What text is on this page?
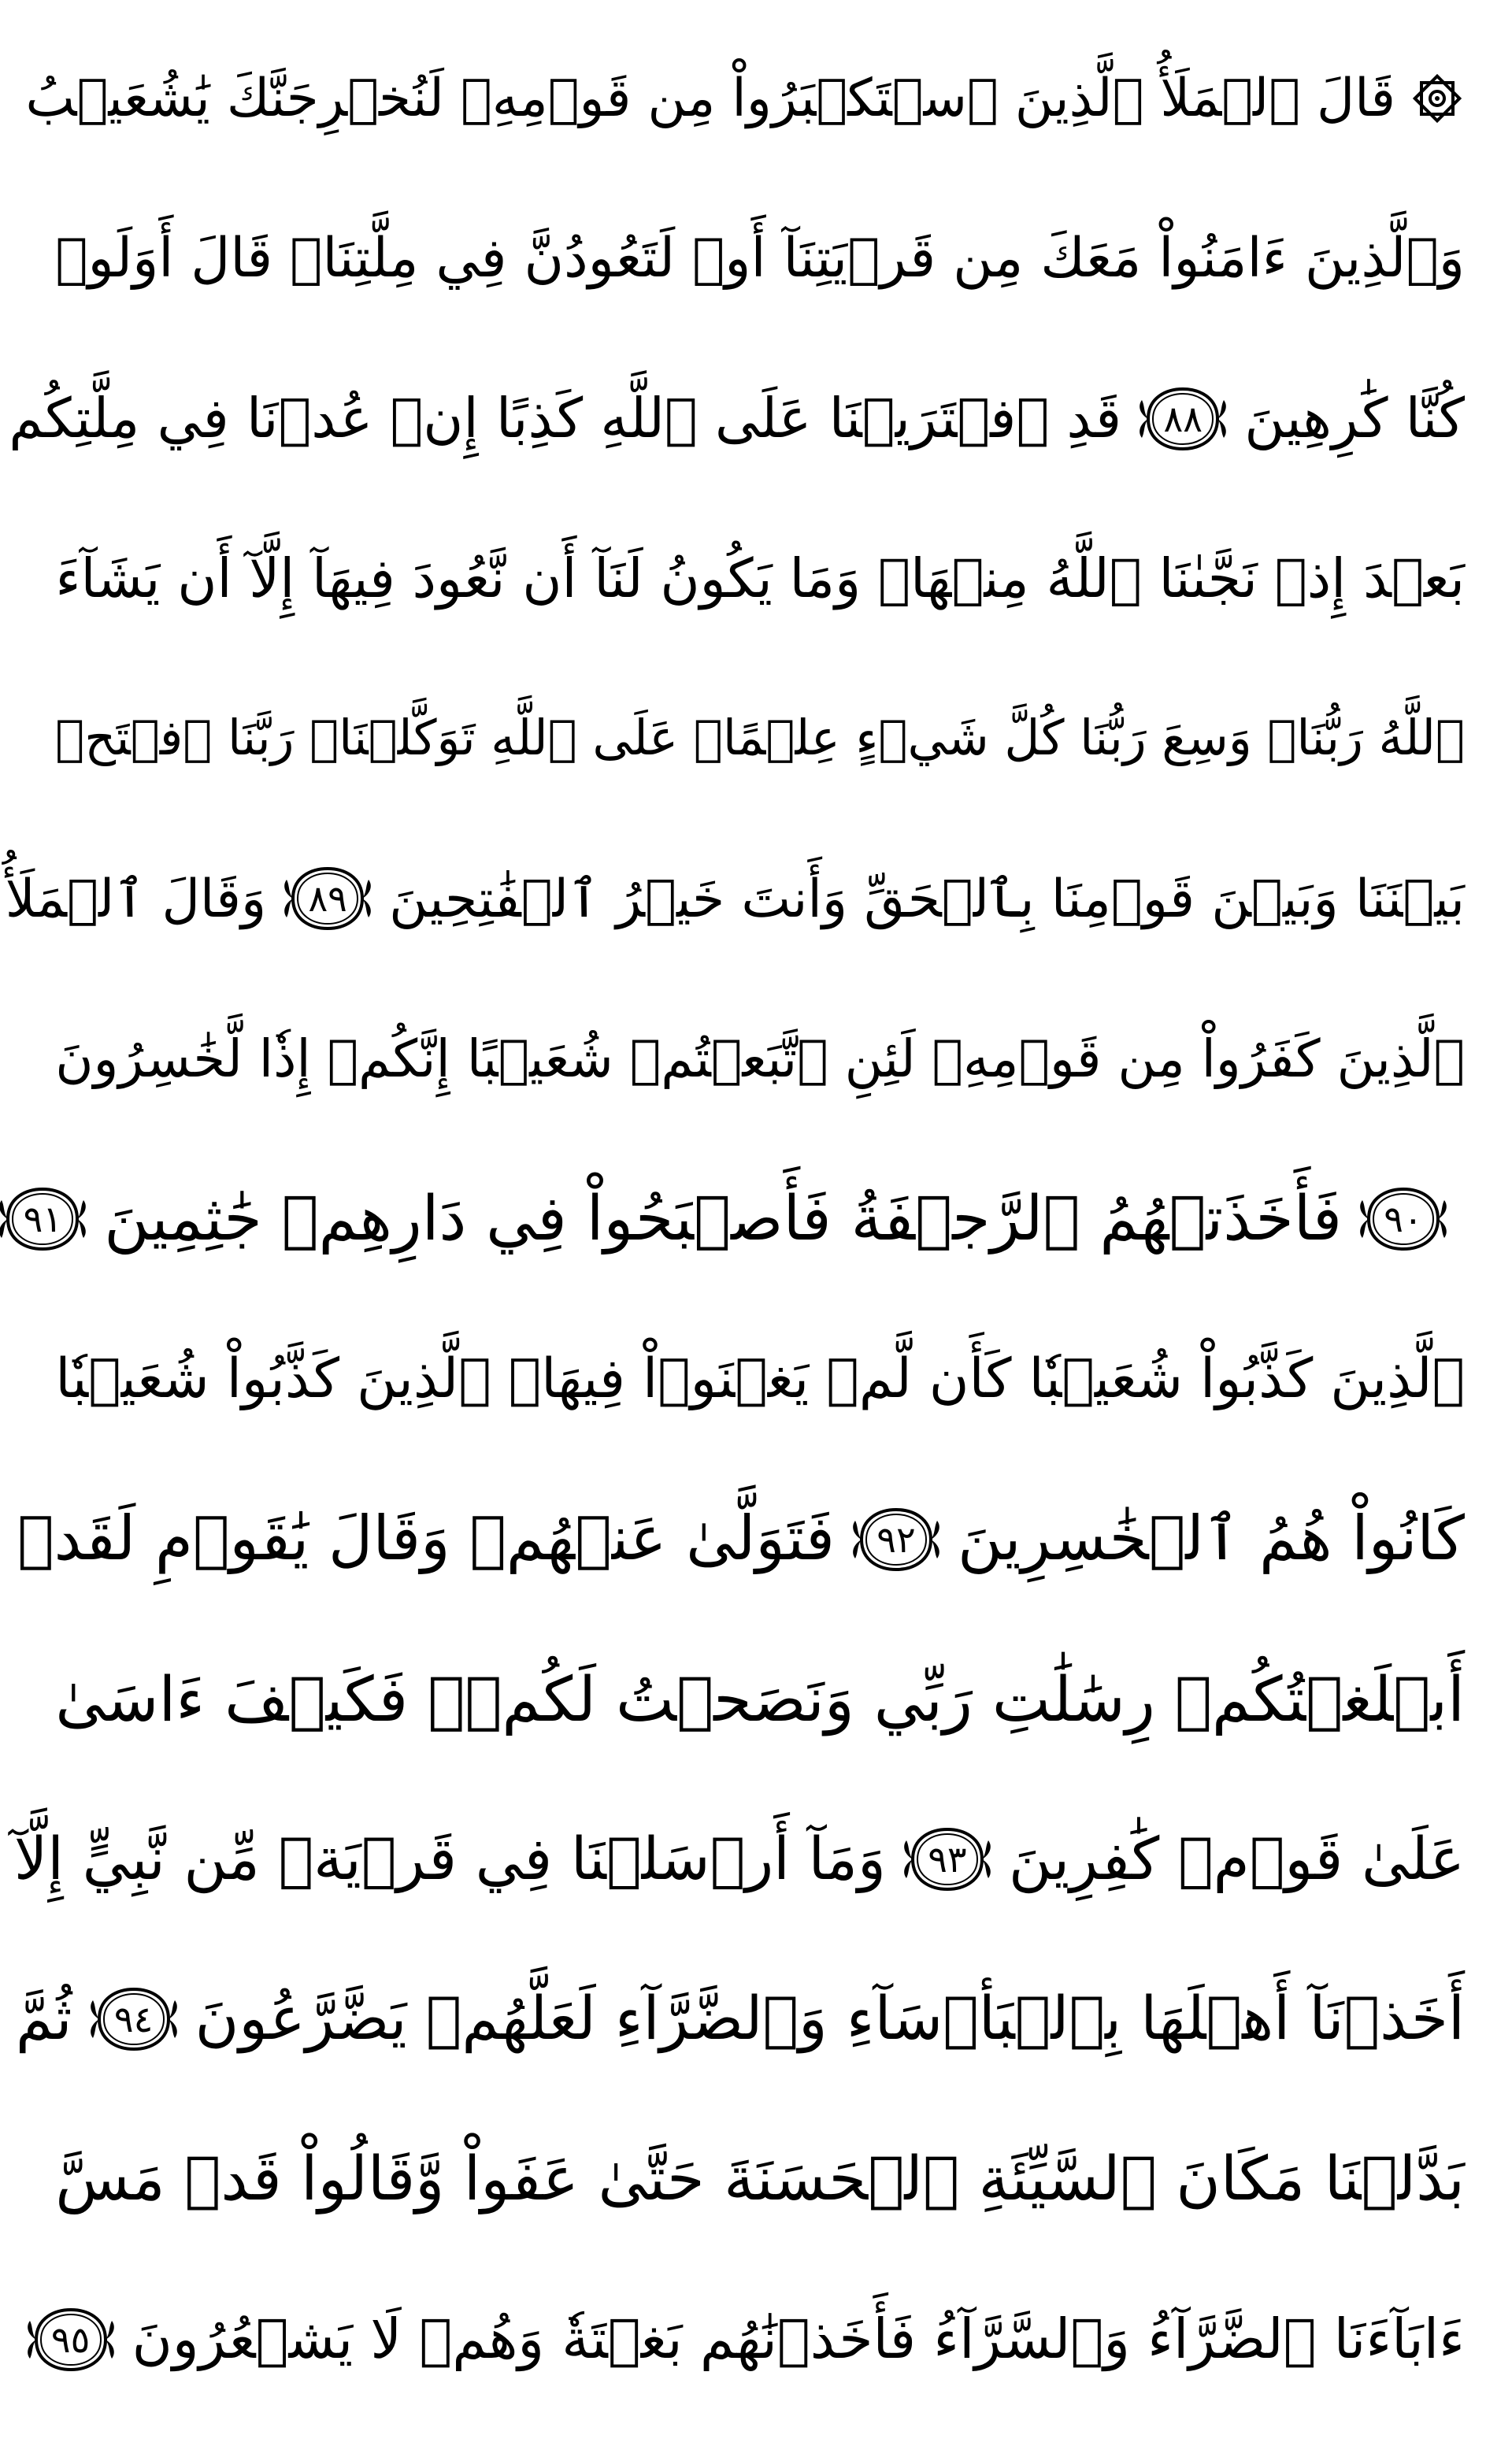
قَالَ ٱلۡمَلَأُ ٱلَّذِينَ ٱسۡتَكۡبَرُواْ مِن قَوۡمِهِۦ لَنُخۡرِجَنَّكَ يَٰشُعَيۡبُ
وَٱلَّذِينَ ءَامَنُواْ مَعَكَ مِن قَرۡيَتِنَآ أَوۡ لَتَعُودُنَّ فِي مِلَّتِنَاۚ قَالَ أَوَلَوۡ
كُنَّا كَٰرِهِينَ
٨٨
قَدِ ٱفۡتَرَيۡنَا عَلَى ٱللَّهِ كَذِبًا إِنۡ عُدۡنَا فِي مِلَّتِكُم
بَعۡدَ إِذۡ نَجَّىٰنَا ٱللَّهُ مِنۡهَاۚ وَمَا يَكُونُ لَنَآ أَن نَّعُودَ فِيهَآ إِلَّآ أَن يَشَآءَ
ٱللَّهُ رَبُّنَاۚ وَسِعَ رَبُّنَا كُلَّ شَيۡءٍ عِلۡمًاۚ عَلَى ٱللَّهِ تَوَكَّلۡنَاۚ رَبَّنَا ٱفۡتَحۡ
بَيۡنَنَا وَبَيۡنَ قَوۡمِنَا بِٱلۡحَقِّ وَأَنتَ خَيۡرُ ٱلۡفَٰتِحِينَ
٨٩
وَقَالَ ٱلۡمَلَأُ
ٱلَّذِينَ كَفَرُواْ مِن قَوۡمِهِۦ لَئِنِ ٱتَّبَعۡتُمۡ شُعَيۡبًا إِنَّكُمۡ إِذٗا لَّخَٰسِرُونَ
٩٠
فَأَخَذَتۡهُمُ ٱلرَّجۡفَةُ فَأَصۡبَحُواْ فِي دَارِهِمۡ جَٰثِمِينَ
٩١
ٱلَّذِينَ كَذَّبُواْ شُعَيۡبٗا كَأَن لَّمۡ يَغۡنَوۡاْ فِيهَاۚ ٱلَّذِينَ كَذَّبُواْ شُعَيۡبٗا
كَانُواْ هُمُ ٱلۡخَٰسِرِينَ
٩٢
فَتَوَلَّىٰ عَنۡهُمۡ وَقَالَ يَٰقَوۡمِ لَقَدۡ
أَبۡلَغۡتُكُمۡ رِسَٰلَٰتِ رَبِّي وَنَصَحۡتُ لَكُمۡۖ فَكَيۡفَ ءَاسَىٰ
عَلَىٰ قَوۡمٖ كَٰفِرِينَ
٩٣
وَمَآ أَرۡسَلۡنَا فِي قَرۡيَةٖ مِّن نَّبِيٍّ إِلَّآ
أَخَذۡنَآ أَهۡلَهَا بِٱلۡبَأۡسَآءِ وَٱلضَّرَّآءِ لَعَلَّهُمۡ يَضَّرَّعُونَ
٩٤
ثُمَّ
بَدَّلۡنَا مَكَانَ ٱلسَّيِّئَةِ ٱلۡحَسَنَةَ حَتَّىٰ عَفَواْ وَّقَالُواْ قَدۡ مَسَّ
ءَابَآءَنَا ٱلضَّرَّآءُ وَٱلسَّرَّآءُ فَأَخَذۡنَٰهُم بَغۡتَةٗ وَهُمۡ لَا يَشۡعُرُونَ
٩٥
